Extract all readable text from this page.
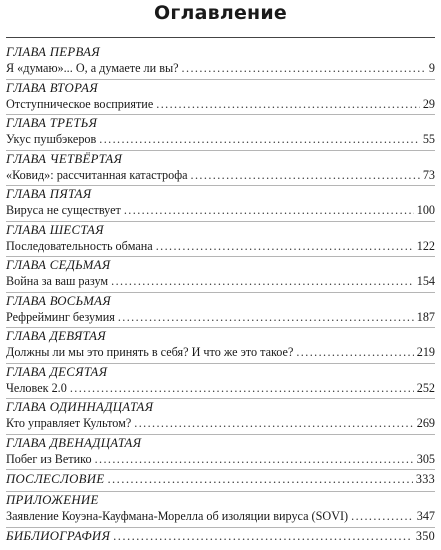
Оглавление
ГЛАВА ПЕРВАЯ
Я «думаю»... О, а думаете ли вы? .....	9
ГЛАВА ВТОРАЯ
Отступническое восприятие .....	29
ГЛАВА ТРЕТЬЯ
Укус пушбэкеров .....	55
ГЛАВА ЧЕТВЁРТАЯ
«Ковид»: рассчитанная катастрофа .....	73
ГЛАВА ПЯТАЯ
Вируса не существует .....	100
ГЛАВА ШЕСТАЯ
Последовательность обмана .....	122
ГЛАВА СЕДЬМАЯ
Война за ваш разум .....	154
ГЛАВА ВОСЬМАЯ
Рефрейминг безумия .....	187
ГЛАВА ДЕВЯТАЯ
Должны ли мы это принять в себя? И что же это такое? .....	219
ГЛАВА ДЕСЯТАЯ
Человек 2.0 .....	252
ГЛАВА ОДИННАДЦАТАЯ
Кто управляет Культом? .....	269
ГЛАВА ДВЕНАДЦАТАЯ
Побег из Ветико .....	305
ПОСЛЕСЛОВИЕ .....	333
ПРИЛОЖЕНИЕ
Заявление Коуэна-Кауфмана-Морелла об изоляции вируса (SOVI) .....	347
БИБЛИОГРАФИЯ .....	350
